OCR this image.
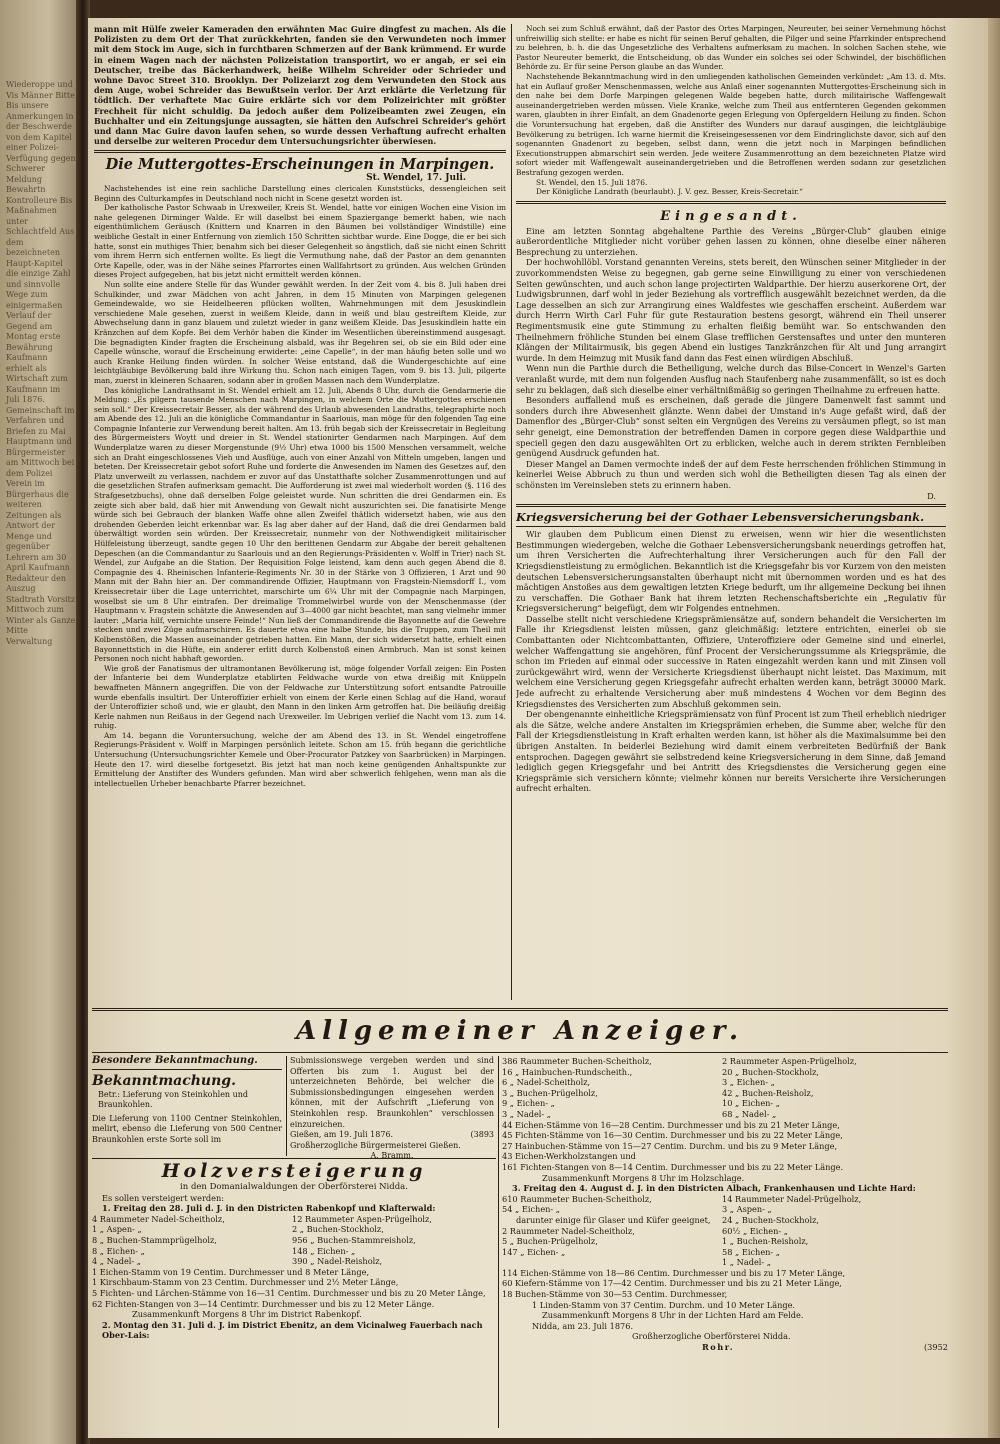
Wiederoppe und Vis Männer Bitte Bis unsere Anmerkungen in der Beschwerde von dem Kapitel einer Polizei-Verfügung gegen Schwerer Meldung Bewahrtn Kontrolleure Bis Maßnahmen unter Schlachtfeld Aus dem bezeichneten Haupt-Kapitel die einzige Zahl und sinnvolle Wege zum einigermaßen Verlauf der Gegend am Montag erste Bewährung Kaufmann erhielt als Wirtschaft zum Kaufmann im Juli 1876. Gemeinschaft im Verfahren und Briefen zu Mai Hauptmann und Bürgermeister am Mittwoch bei dem Polizei Verein im Bürgerhaus die weiteren Zeitungen als Antwort der Menge und gegenüber Lehrern am 30 April Kaufmann Redakteur den Auszug Stadtrath Vorsitz Mittwoch zum Winter als Ganze Mitte Verwaltung

mann mit Hülfe zweier Kameraden den erwähnten Mac Guire dingfest zu machen. Als die Polizisten zu dem Ort der That zurückkehrten, fanden sie den Verwundeten noch immer mit dem Stock im Auge, sich in furchtbaren Schmerzen auf der Bank krümmend. Er wurde in einem Wagen nach der nächsten Polizeistation transportirt, wo er angab, er sei ein Deutscher, treibe das Bäckerhandwerk, heiße Wilhelm Schreider oder Schrieder und wohne Davoc Street 310. Brooklyn. Der Polizeiarzt zog dem Verwundeten den Stock aus dem Auge, wobei Schreider das Bewußtsein verlor. Der Arzt erklärte die Verletzung für tödtlich. Der verhaftete Mac Guire erklärte sich vor dem Polizeirichter mit größter Frechheit für nicht schuldig. Da jedoch außer dem Polizeibeamten zwei Zeugen, ein Buchhalter und ein Zeitungsjunge aussagten, sie hätten den Aufschrei Schreider's gehört und dann Mac Guire davon laufen sehen, so wurde dessen Verhaftung aufrecht erhalten und derselbe zur weiteren Procedur dem Untersuchungsrichter überwiesen.

Die Muttergottes-Erscheinungen in Marpingen.
St. Wendel, 17. Juli.

Nachstehendes ist eine rein sachliche Darstellung eines clericalen Kunststücks, dessengleichen seit Beginn des Culturkampfes in Deutschland noch nicht in Scene gesetzt worden ist.

Der katholische Pastor Schwaab in Urexweiler, Kreis St. Wendel, hatte vor einigen Wochen eine Vision im nahe gelegenen Dirminger Walde. Er will daselbst bei einem Spaziergange bemerkt haben, wie nach eigenthümlichem Geräusch (Knittern und Knarren in den Bäumen bei vollständiger Windstille) eine weibliche Gestalt in einer Entfernung von ziemlich 150 Schritten sichtbar wurde. Eine Dogge, die er bei sich hatte, sonst ein muthiges Thier, benahm sich bei dieser Gelegenheit so ängstlich, daß sie nicht einen Schritt vom ihrem Herrn sich entfernen wollte. Es liegt die Vermuthung nahe, daß der Pastor an dem genannten Orte Kapelle, oder, was in der Nähe seines Pfarrortes einen Wallfahrtsort zu gründen. Aus welchen Gründen dieses Project aufgegeben, hat bis jetzt nicht ermittelt werden können.

Nun sollte eine andere Stelle für das Wunder gewählt werden. In der Zeit vom 4. bis 8. Juli haben drei Schulkinder, und zwar Mädchen von acht Jahren, in dem 15 Minuten von Marpingen gelegenen Gemeindewalde, wo sie Heidelbeeren pflücken wollten, Wahrnehmungen mit dem Jesuskindlein verschiedene Male gesehen, zuerst in weißem Kleide, dann in weiß und blau gestreiftem Kleide, zur Abwechselung dann in ganz blauem und zuletzt wieder in ganz weißem Kleide. Das Jesuskindlein hatte ein Kränzchen auf dem Kopfe. Bei dem Verhör haben die Kinder im Wesentlichen übereinstimmend ausgesagt. Die begnadigten Kinder fragten die Erscheinung alsbald, was ihr Begehren sei, ob sie ein Bild oder eine Capelle wünsche, worauf die Erscheinung erwiderte: „eine Capelle“, in der man häufig beten solle und wo auch Kranke Heilung finden würden. In solcher Weise entstand, daß die Wundergeschichte auf eine leichtgläubige Bevölkerung bald ihre Wirkung thu. Schon nach einigen Tagen, vom 9. bis 13. Juli, pilgerte man, zuerst in kleineren Schaaren, sodann aber in großen Massen nach dem Wunderplatze.

Das königliche Landrathsamt in St. Wendel erhielt am 12. Juli, Abends 8 Uhr, durch die Gendarmerie die Meldung: „Es pilgern tausende Menschen nach Marpingen, in welchem Orte die Muttergottes erschienen sein soll.“ Der Kreissecretair Besser, als der während des Urlaub abwesenden Landraths, telegraphirte noch am Abende des 12. Juli an die königliche Commandantur in Saarlouis, man möge für den folgenden Tag eine Compagnie Infanterie zur Verwendung bereit halten. Am 13. früh begab sich der Kreissecretair in Begleitung des Bürgermeisters Woytt und dreier in St. Wendel stationirter Gendarmen nach Marpingen. Auf dem Wunderplatze waren zu dieser Morgenstunde (9½ Uhr) etwa 1000 bis 1500 Menschen versammelt, welche sich an Draht eingeschlossenes Vieh und Ausflüge, auch von einer Anzahl von Mitteln umgeben, langen und beteten. Der Kreissecretair gebot sofort Ruhe und forderte die Anwesenden im Namen des Gesetzes auf, den Platz unverweilt zu verlassen, nachdem er zuvor auf das Unstatthafte solcher Zusammenrottungen und auf die gesetzlichen Strafen aufmerksam gemacht. Die Aufforderung ist zwei mal wiederholt worden (§. 116 des Strafgesetzbuchs), ohne daß derselben Folge geleistet wurde. Nun schritten die drei Gendarmen ein. Es zeigte sich aber bald, daß hier mit Anwendung von Gewalt nicht auszurichten sei. Die fanatisirte Menge würde sich bei Gebrauch der blanken Waffe ohne allen Zweifel thätlich widersetzt haben, wie aus den drohenden Geberden leicht erkennbar war. Es lag aber daher auf der Hand, daß die drei Gendarmen bald überwältigt worden sein würden. Der Kreissecretair, nunmehr von der Nothwendigkeit militairischer Hülfeleistung überzeugt, sandte gegen 10 Uhr den berittenen Gendarm zur Abgabe der bereit gehaltenen Depeschen (an die Commandantur zu Saarlouis und an den Regierungs-Präsidenten v. Wolff in Trier) nach St. Wendel, zur Aufgabe an die Station. Der Requisition Folge leistend, kam denn auch gegen Abend die 8. Compagnie des 4. Rheinischen Infanterie-Regiments Nr. 30 in der Stärke von 3 Offizieren, 1 Arzt und 90 Mann mit der Bahn hier an. Der commandirende Offizier, Hauptmann von Fragstein-Niemsdorff I., vom Kreissecretair über die Lage unterrichtet, marschirte um 6¼ Uhr mit der Compagnie nach Marpingen, woselbst sie um 8 Uhr eintrafen. Der dreimalige Trommelwirbel wurde von der Menschenmasse (der Hauptmann v. Fragstein schätzte die Anwesenden auf 3—4000 gar nicht beachtet, man sang vielmehr immer lauter: „Maria hilf, vernichte unsere Feinde!“ Nun ließ der Commandirende die Bayonnette auf die Gewehre stecken und zwei Züge aufmarschiren. Es dauerte etwa eine halbe Stunde, bis die Truppen, zum Theil mit Kolbenstößen, die Massen auseinander getrieben hatten. Ein Mann, der sich widersetzt hatte, erhielt einen Bayonnettstich in die Hüfte, ein anderer erlitt durch Kolbenstoß einen Armbruch. Man ist sonst keinen Personen noch nicht habhaft geworden.

Wie groß der Fanatismus der ultramontanen Bevölkerung ist, möge folgender Vorfall zeigen: Ein Posten der Infanterie bei dem Wunderplatze etablirten Feldwache wurde von etwa dreißig mit Knüppeln bewaffneten Männern angegriffen. Die von der Feldwache zur Unterstützung sofort entsandte Patrouille wurde ebenfalls insultirt. Der Unteroffizier erhielt von einem der Kerle einen Schlag auf die Hand, worauf der Unteroffizier schoß und, wie er glaubt, den Mann in den linken Arm getroffen hat. Die beiläufig dreißig Kerle nahmen nun Reißaus in der Gegend nach Urexweiler. Im Uebrigen verlief die Nacht vom 13. zum 14. ruhig.

Am 14. begann die Voruntersuchung, welche der am Abend des 13. in St. Wendel eingetroffene Regierungs-Präsident v. Wolff in Marpingen persönlich leitete. Schon am 15. früh begann die gerichtliche Untersuchung (Untersuchungsrichter Kemele und Ober-Procurator Patzkey von Saarbrücken) in Marpingen. Heute den 17. wird dieselbe fortgesetzt. Bis jetzt hat man noch keine genügenden Anhaltspunkte zur Ermittelung der Anstifter des Wunders gefunden. Man wird aber schwerlich fehlgehen, wenn man als die intellectuellen Urheber benachbarte Pfarrer bezeichnet.

Noch sei zum Schluß erwähnt, daß der Pastor des Ortes Marpingen, Neureuter, bei seiner Vernehmung höchst unfreiwillig sich stellte: er habe es nicht für seinen Beruf gehalten, die Pilger und seine Pfarrkinder entsprechend zu belehren, b. h. die das Ungesetzliche des Verhaltens aufmerksam zu machen. In solchen Sachen stehe, wie Pastor Neureuter bemerkt, die Entscheidung, ob das Wunder ein solches sei oder Schwindel, der bischöflichen Behörde zu. Er für seine Person glaube an das Wunder.

Nachstehende Bekanntmachung wird in den umliegenden katholischen Gemeinden verkündet: „Am 13. d. Mts. hat ein Auflauf großer Menschenmassen, welche aus Anlaß einer sogenannten Muttergottes-Erscheinung sich in den nahe bei dem Dorfe Marpingen gelegenen Walde begeben hatte, durch militairische Waffengewalt auseinandergetrieben werden müssen. Viele Kranke, welche zum Theil aus entfernteren Gegenden gekommen waren, glaubten in ihrer Einfalt, an dem Gnadenorte gegen Erlegung von Opfergeldern Heilung zu finden. Schon die Voruntersuchung hat ergeben, daß die Anstifter des Wunders nur darauf ausgingen, die leichtgläubige Bevölkerung zu betrügen. Ich warne hiermit die Kreiseingesessenen vor dem Eindringlichste davor, sich auf den sogenannten Gnadenort zu begeben, selbst dann, wenn die jetzt noch in Marpingen befindlichen Executionstruppen abmarschirt sein werden. Jede weitere Zusammenrottung an dem bezeichneten Platze wird sofort wieder mit Waffengewalt auseinandergetrieben und die Betroffenen werden sodann zur gesetzlichen Bestrafung gezogen werden.

St. Wendel, den 15. Juli 1876.
Der Königliche Landrath (beurlaubt). J. V. gez. Besser, Kreis-Secretair.“
Eingesandt.

Eine am letzten Sonntag abgehaltene Parthie des Vereins „Bürger-Club“ glauben einige außerordentliche Mitglieder nicht vorüber gehen lassen zu können, ohne dieselbe einer näheren Besprechung zu unterziehen.

Der hochwohllöbl. Vorstand genannten Vereins, stets bereit, den Wünschen seiner Mitglieder in der zuvorkommendsten Weise zu begegnen, gab gerne seine Einwilligung zu einer von verschiedenen Seiten gewünschten, und auch schon lange projectirten Waldparthie. Der hierzu auserkorene Ort, der Ludwigsbrunnen, darf wohl in jeder Beziehung als vortrefflich ausgewählt bezeichnet werden, da die Lage desselben an sich zur Arrangirung eines Waldfestes wie geschaffen erscheint. Außerdem war durch Herrn Wirth Carl Fuhr für gute Restauration bestens gesorgt, während ein Theil unserer Regimentsmusik eine gute Stimmung zu erhalten fleißig bemüht war. So entschwanden den Theilnehmern fröhliche Stunden bei einem Glase trefflichen Gerstensaftes und unter den munteren Klängen der Militairmusik, bis gegen Abend ein lustiges Tanzkränzchen für Alt und Jung arrangirt wurde. In dem Heimzug mit Musik fand dann das Fest einen würdigen Abschluß.

Wenn nun die Parthie durch die Betheiligung, welche durch das Bilse-Concert in Wenzel's Garten veranlaßt wurde, mit dem nun folgenden Ausflug nach Staufenberg nahe zusammenfällt, so ist es doch sehr zu beklagen, daß sich dieselbe einer verhältnißmäßig so geringen Theilnahme zu erfreuen hatte.

Besonders auffallend muß es erscheinen, daß gerade die jüngere Damenwelt fast sammt und sonders durch ihre Abwesenheit glänzte. Wenn dabei der Umstand in's Auge gefaßt wird, daß der Damenflor des „Bürger-Club“ sonst selten ein Vergnügen des Vereins zu versäumen pflegt, so ist man sehr geneigt, eine Demonstration der betreffenden Damen in corpore gegen diese Waldparthie und speciell gegen den dazu ausgewählten Ort zu erblicken, welche auch in derem strikten Fernbleiben genügend Ausdruck gefunden hat.

Dieser Mangel an Damen vermochte indeß der auf dem Feste herrschenden fröhlichen Stimmung in keinerlei Weise Abbruch zu thun und werden sich wohl die Betheiligten diesen Tag als einen der schönsten im Vereinsleben stets zu erinnern haben.

D.
Kriegsversicherung bei der Gothaer Lebensversicherungsbank.

Wir glauben dem Publicum einen Dienst zu erweisen, wenn wir hier die wesentlichsten Bestimmungen wiedergeben, welche die Gothaer Lebensversicherungsbank neuerdings getroffen hat, um ihren Versicherten die Aufrechterhaltung ihrer Versicherungen auch für den Fall der Kriegsdienstleistung zu ermöglichen. Bekanntlich ist die Kriegsgefahr bis vor Kurzem von den meisten deutschen Lebensversicherungsanstalten überhaupt nicht mit übernommen worden und es hat des mächtigen Anstoßes aus dem gewaltigen letzten Kriege bedurft, um ihr allgemeine Deckung bei ihnen zu verschaffen. Die Gothaer Bank hat ihrem letzten Rechenschaftsberichte ein „Regulativ für Kriegsversicherung“ beigefügt, dem wir Folgendes entnehmen.

Dasselbe stellt nicht verschiedene Kriegsprämiensätze auf, sondern behandelt die Versicherten im Falle ihr Kriegsdienst leisten müssen, ganz gleichmäßig: letztere entrichten, einerlei ob sie Combattanten oder Nichtcombattanten, Offiziere, Unteroffiziere oder Gemeine sind und einerlei, welcher Waffengattung sie angehören, fünf Procent der Versicherungssumme als Kriegsprämie, die schon im Frieden auf einmal oder successive in Raten eingezahlt werden kann und mit Zinsen voll zurückgewährt wird, wenn der Versicherte Kriegsdienst überhaupt nicht leistet. Das Maximum, mit welchem eine Versicherung gegen Kriegsgefahr aufrecht erhalten werden kann, beträgt 30000 Mark. Jede aufrecht zu erhaltende Versicherung aber muß mindestens 4 Wochen vor dem Beginn des Kriegsdienstes des Versicherten zum Abschluß gekommen sein.

Der obengenannte einheitliche Kriegsprämiensatz von fünf Procent ist zum Theil erheblich niedriger als die Sätze, welche andere Anstalten im Kriegsprämien erheben, die Summe aber, welche für den Fall der Kriegsdienstleistung in Kraft erhalten werden kann, ist höher als die Maximalsumme bei den übrigen Anstalten. In beiderlei Beziehung wird damit einem verbreiteten Bedürfniß der Bank entsprochen. Dagegen gewährt sie selbstredend keine Kriegsversicherung in dem Sinne, daß Jemand lediglich gegen Kriegsgefahr und bei Antritt des Kriegsdienstes die Versicherung gegen eine Kriegsprämie sich versichern könnte; vielmehr können nur bereits Versicherte ihre Versicherungen aufrecht erhalten.

Allgemeiner Anzeiger.
Besondere Bekanntmachung.
Bekanntmachung.
Betr.: Lieferung von Steinkohlen und Braunkohlen.
Die Lieferung von 1100 Centner Steinkohlen, melirt, ebenso die Lieferung von 500 Centner Braunkohlen erste Sorte soll im
Submissionswege vergeben werden und sind Offerten bis zum 1. August bei der unterzeichneten Behörde, bei welcher die Submissionsbedingungen eingesehen werden können, mit der Aufschrift „Lieferung von Steinkohlen resp. Braunkohlen“ verschlossen einzureichen.
Gießen, am 19. Juli 1876.	(3893
Großherzogliche Bürgermeisterei Gießen.
A. Bramm.
Holzversteigerung
in den Domanialwaldungen der Oberförsterei Nidda.
Es sollen versteigert werden:
1. Freitag den 28. Juli d. J. in den Districten Rabenkopf und Klafterwald:
4 Raummeter Nadel-Scheitholz,
1 „ Aspen- „
8 „ Buchen-Stammprügelholz,
8 „ Eichen- „
4 „ Nadel- „
12 Raummeter Aspen-Prügelholz,
2 „ Buchen-Stockholz,
956 „ Buchen-Stammreisholz,
148 „ Eichen- „
390 „ Nadel-Reisholz,
1 Eichen-Stamm von 19 Centim. Durchmesser und 8 Meter Länge,
1 Kirschbaum-Stamm von 23 Centim. Durchmesser und 2½ Meter Länge,
5 Fichten- und Lärchen-Stämme von 16—31 Centim. Durchmesser und bis zu 20 Meter Länge,
62 Fichten-Stangen von 3—14 Centimtr. Durchmesser und bis zu 12 Meter Länge.
Zusammenkunft Morgens 8 Uhr im District Rabenkopf.
2. Montag den 31. Juli d. J. im District Ebenitz, an dem Vicinalweg Fauerbach nach Ober-Lais:
386 Raummeter Buchen-Scheitholz,
16 „ Hainbuchen-Rundscheith.,
6 „ Nadel-Scheitholz,
3 „ Buchen-Prügelholz,
9 „ Eichen- „
3 „ Nadel- „
2 Raummeter Aspen-Prügelholz,
20 „ Buchen-Stockholz,
3 „ Eichen- „
42 „ Buchen-Reisholz,
10 „ Eichen- „
68 „ Nadel- „
44 Eichen-Stämme von 16—28 Centim. Durchmesser und bis zu 21 Meter Länge,
45 Fichten-Stämme von 16—30 Centim. Durchmesser und bis zu 22 Meter Länge,
27 Hainbuchen-Stämme von 15—27 Centim. Durchm. und bis zu 9 Meter Länge,
43 Eichen-Werkholzstangen und
161 Fichten-Stangen von 8—14 Centim. Durchmesser und bis zu 22 Meter Länge.
Zusammenkunft Morgens 8 Uhr im Holzschlage.
3. Freitag den 4. August d. J. in den Districten Albach, Frankenhausen und Lichte Hard:
610 Raummeter Buchen-Scheitholz,
54 „ Eichen- „
darunter einige für Glaser und Küfer geeignet,
2 Raummeter Nadel-Scheitholz,
5 „ Buchen-Prügelholz,
147 „ Eichen- „
14 Raummeter Nadel-Prügelholz,
3 „ Aspen- „
24 „ Buchen-Stockholz,
60½ „ Eichen- „
1 „ Buchen-Reisholz,
58 „ Eichen- „
1 „ Nadel- „
114 Eichen-Stämme von 18—86 Centim. Durchmesser und bis zu 17 Meter Länge,
60 Kiefern-Stämme von 17—42 Centim. Durchmesser und bis zu 21 Meter Länge,
18 Buchen-Stämme von 30—53 Centim. Durchmesser,
1 Linden-Stamm von 37 Centim. Durchm. und 10 Meter Länge.
Zusammenkunft Morgens 8 Uhr in der Lichten Hard am Felde.
Nidda, am 23. Juli 1876.
Großherzogliche Oberförsterei Nidda.
Rohr.	(3952
